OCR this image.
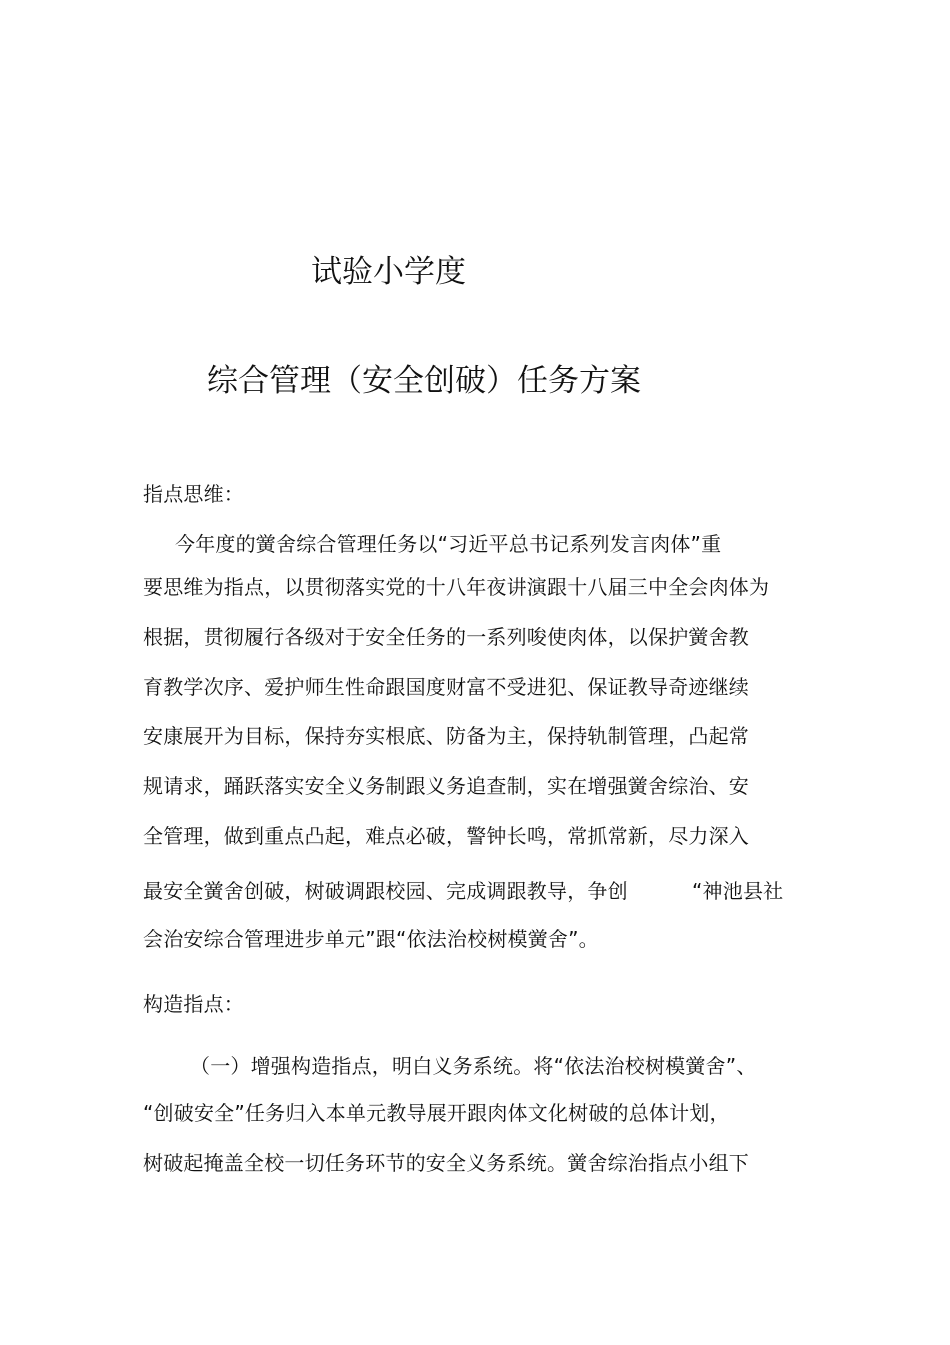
试验小学度
综合管理（安全创破）任务方案
指点思维：
今年度的黉舍综合管理任务以“习近平总书记系列发言肉体”重
要思维为指点，以贯彻落实党的十八年夜讲演跟十八届三中全会肉体为
根据，贯彻履行各级对于安全任务的一系列唆使肉体，以保护黉舍教
育教学次序、爱护师生性命跟国度财富不受进犯、保证教导奇迹继续
安康展开为目标，保持夯实根底、防备为主，保持轨制管理，凸起常
规请求，踊跃落实安全义务制跟义务追查制，实在增强黉舍综治、安
全管理，做到重点凸起，难点必破，警钟长鸣，常抓常新，尽力深入
最安全黉舍创破，树破调跟校园、完成调跟教导，争创	“神池县社
会治安综合管理进步单元”跟“依法治校树模黉舍”。
构造指点：
（一）增强构造指点，明白义务系统。将“依法治校树模黉舍”、
“创破安全”任务归入本单元教导展开跟肉体文化树破的总体计划，
树破起掩盖全校一切任务环节的安全义务系统。黉舍综治指点小组下
